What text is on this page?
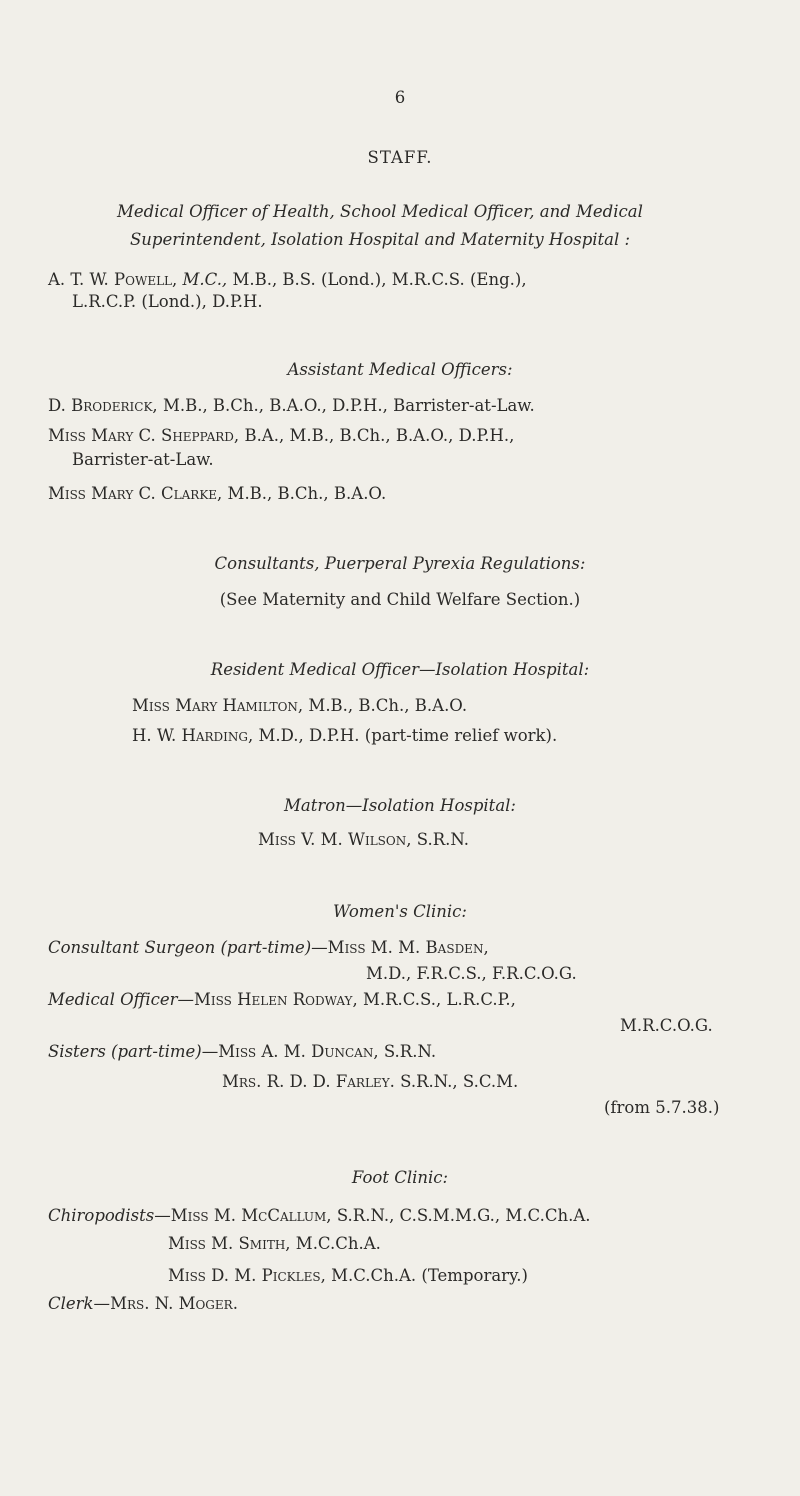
6
STAFF.
Medical Officer of Health, School Medical Officer, and Medical
Superintendent, Isolation Hospital and Maternity Hospital :
A. T. W. Powell, M.C., M.B., B.S. (Lond.), M.R.C.S. (Eng.),
L.R.C.P. (Lond.), D.P.H.
Assistant Medical Officers:
D. Broderick, M.B., B.Ch., B.A.O., D.P.H., Barrister-at-Law.
Miss Mary C. Sheppard, B.A., M.B., B.Ch., B.A.O., D.P.H.,
Barrister-at-Law.
Miss Mary C. Clarke, M.B., B.Ch., B.A.O.
Consultants, Puerperal Pyrexia Regulations:
(See Maternity and Child Welfare Section.)
Resident Medical Officer—Isolation Hospital:
Miss Mary Hamilton, M.B., B.Ch., B.A.O.
H. W. Harding, M.D., D.P.H. (part-time relief work).
Matron—Isolation Hospital:
Miss V. M. Wilson, S.R.N.
Women's Clinic:
Consultant Surgeon (part-time)—Miss M. M. Basden,
M.D., F.R.C.S., F.R.C.O.G.
Medical Officer—Miss Helen Rodway, M.R.C.S., L.R.C.P.,
M.R.C.O.G.
Sisters (part-time)—Miss A. M. Duncan, S.R.N.
Mrs. R. D. D. Farley. S.R.N., S.C.M.
(from 5.7.38.)
Foot Clinic:
Chiropodists—Miss M. McCallum, S.R.N., C.S.M.M.G., M.C.Ch.A.
Miss M. Smith, M.C.Ch.A.
Miss D. M. Pickles, M.C.Ch.A. (Temporary.)
Clerk—Mrs. N. Moger.
